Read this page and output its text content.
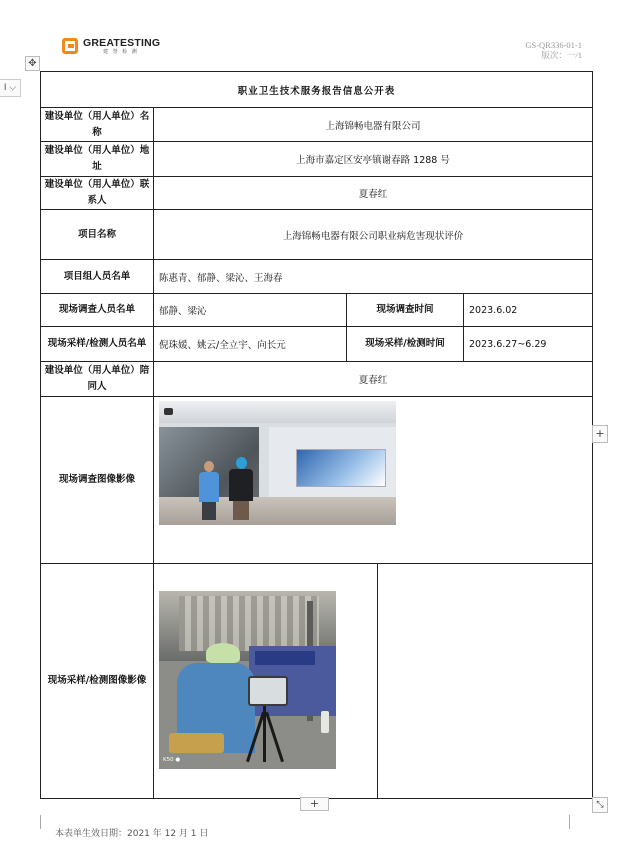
GREATESTING
建 誉 检 测
GS-QR336-01-1
版次：一/1
✥
I ⌵	职业卫生技术服务报告信息公开表				
建设单位（用人单位）名称	上海锦畅电器有限公司			
建设单位（用人单位）地址	上海市嘉定区安亭镇谢春路 1288 号			
建设单位（用人单位）联系人	夏春红			
项目名称	上海锦畅电器有限公司职业病危害现状评价			
项目组人员名单	陈惠青、郁静、梁沁、王海春			
现场调查人员名单	郁静、梁沁	现场调查时间		2023.6.02
现场采样/检测人员名单	倪珠媛、姚云/全立宇、向长元	现场采样/检测时间		2023.6.27~6.29
建设单位（用人单位）陪同人	夏春红			
现场调查图像影像				

现场采样/检测图像影像	K50 ●			

+
+	⤡
本表单生效日期：2021 年 12 月 1 日
